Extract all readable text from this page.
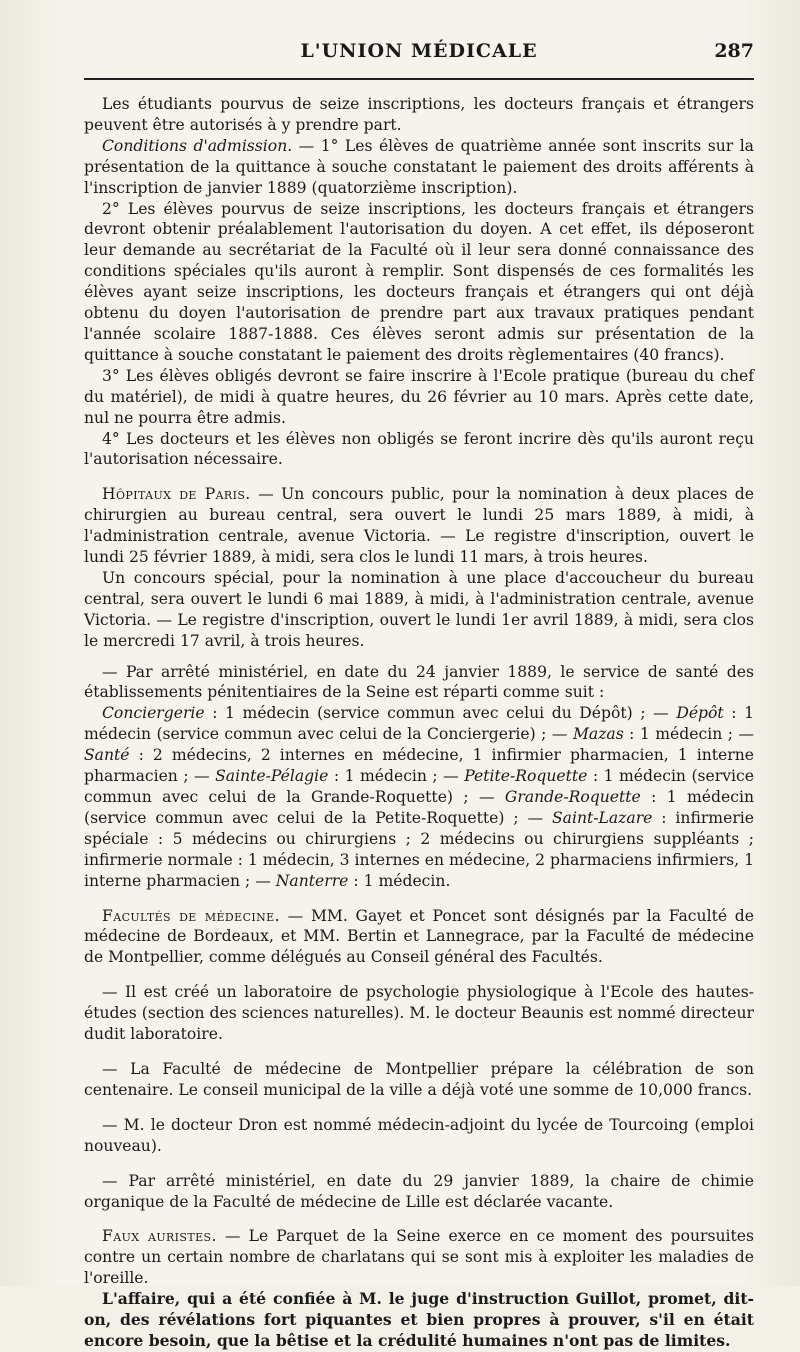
L'UNION MÉDICALE	287

Les étudiants pourvus de seize inscriptions, les docteurs français et étrangers peuvent être autorisés à y prendre part.

Conditions d'admission. — 1° Les élèves de quatrième année sont inscrits sur la présentation de la quittance à souche constatant le paiement des droits afférents à l'inscription de janvier 1889 (quatorzième inscription).

2° Les élèves pourvus de seize inscriptions, les docteurs français et étrangers devront obtenir préalablement l'autorisation du doyen. A cet effet, ils déposeront leur demande au secrétariat de la Faculté où il leur sera donné connaissance des conditions spéciales qu'ils auront à remplir. Sont dispensés de ces formalités les élèves ayant seize inscriptions, les docteurs français et étrangers qui ont déjà obtenu du doyen l'autorisation de prendre part aux travaux pratiques pendant l'année scolaire 1887-1888. Ces élèves seront admis sur présentation de la quittance à souche constatant le paiement des droits règlementaires (40 francs).

3° Les élèves obligés devront se faire inscrire à l'Ecole pratique (bureau du chef du matériel), de midi à quatre heures, du 26 février au 10 mars. Après cette date, nul ne pourra être admis.

4° Les docteurs et les élèves non obligés se feront incrire dès qu'ils auront reçu l'autorisation nécessaire.

Hôpitaux de Paris. — Un concours public, pour la nomination à deux places de chirurgien au bureau central, sera ouvert le lundi 25 mars 1889, à midi, à l'administration centrale, avenue Victoria. — Le registre d'inscription, ouvert le lundi 25 février 1889, à midi, sera clos le lundi 11 mars, à trois heures.

Un concours spécial, pour la nomination à une place d'accoucheur du bureau central, sera ouvert le lundi 6 mai 1889, à midi, à l'administration centrale, avenue Victoria. — Le registre d'inscription, ouvert le lundi 1er avril 1889, à midi, sera clos le mercredi 17 avril, à trois heures.

— Par arrêté ministériel, en date du 24 janvier 1889, le service de santé des établissements pénitentiaires de la Seine est réparti comme suit :

Conciergerie : 1 médecin (service commun avec celui du Dépôt) ; — Dépôt : 1 médecin (service commun avec celui de la Conciergerie) ; — Mazas : 1 médecin ; — Santé : 2 médecins, 2 internes en médecine, 1 infirmier pharmacien, 1 interne pharmacien ; — Sainte-Pélagie : 1 médecin ; — Petite-Roquette : 1 médecin (service commun avec celui de la Grande-Roquette) ; — Grande-Roquette : 1 médecin (service commun avec celui de la Petite-Roquette) ; — Saint-Lazare : infirmerie spéciale : 5 médecins ou chirurgiens ; 2 médecins ou chirurgiens suppléants ; infirmerie normale : 1 médecin, 3 internes en médecine, 2 pharmaciens infirmiers, 1 interne pharmacien ; — Nanterre : 1 médecin.

Facultés de médecine. — MM. Gayet et Poncet sont désignés par la Faculté de médecine de Bordeaux, et MM. Bertin et Lannegrace, par la Faculté de médecine de Montpellier, comme délégués au Conseil général des Facultés.

— Il est créé un laboratoire de psychologie physiologique à l'Ecole des hautes-études (section des sciences naturelles). M. le docteur Beaunis est nommé directeur dudit laboratoire.

— La Faculté de médecine de Montpellier prépare la célébration de son centenaire. Le conseil municipal de la ville a déjà voté une somme de 10,000 francs.

— M. le docteur Dron est nommé médecin-adjoint du lycée de Tourcoing (emploi nouveau).

— Par arrêté ministériel, en date du 29 janvier 1889, la chaire de chimie organique de la Faculté de médecine de Lille est déclarée vacante.

Faux auristes. — Le Parquet de la Seine exerce en ce moment des poursuites contre un certain nombre de charlatans qui se sont mis à exploiter les maladies de l'oreille.

L'affaire, qui a été confiée à M. le juge d'instruction Guillot, promet, dit-on, des révélations fort piquantes et bien propres à prouver, s'il en était encore besoin, que la bêtise et la crédulité humaines n'ont pas de limites.
